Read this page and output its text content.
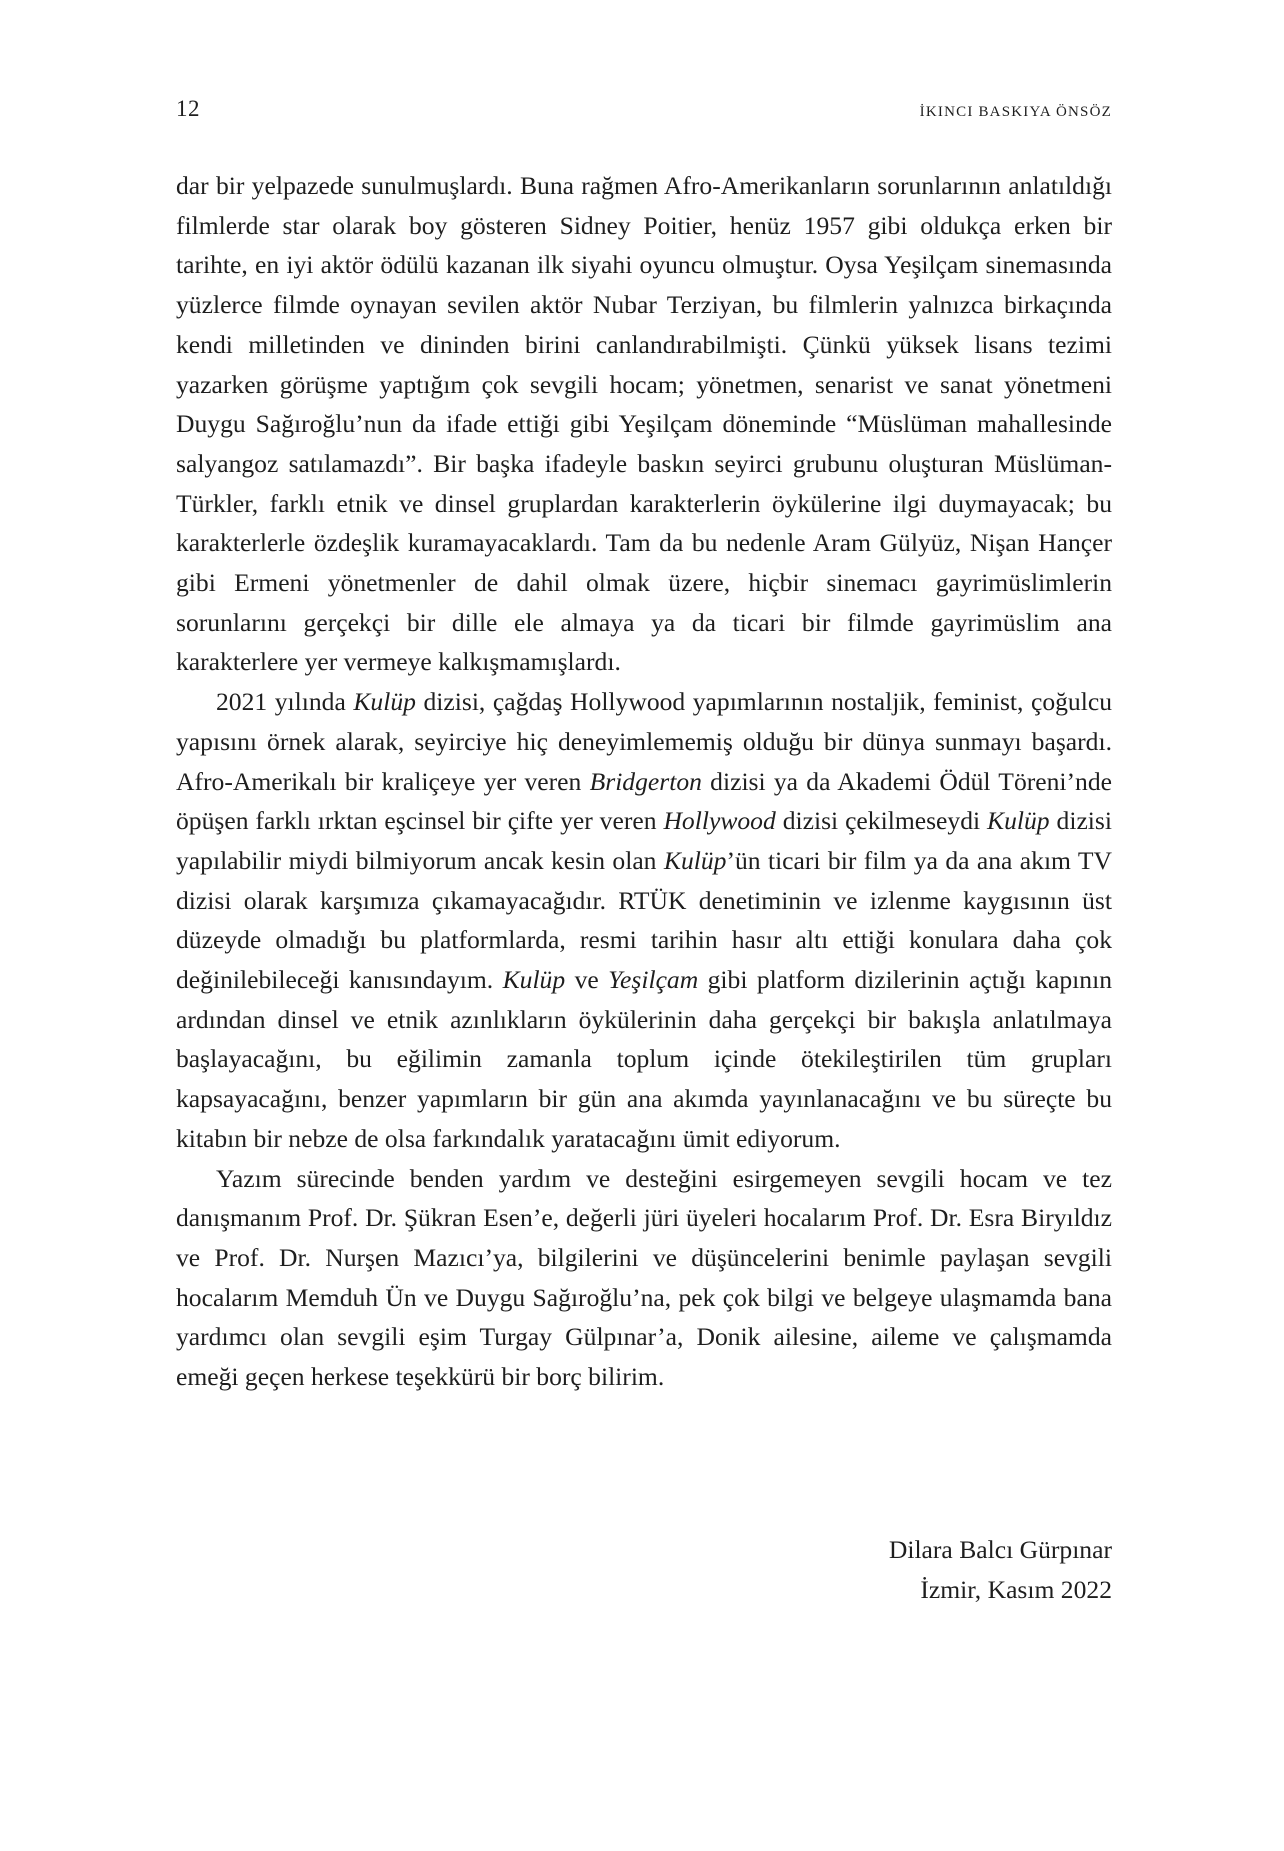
12	İKINCI BASKIYA ÖNSÖZ

dar bir yelpazede sunulmuşlardı. Buna rağmen Afro-Amerikanların sorunlarının anlatıldığı filmlerde star olarak boy gösteren Sidney Poitier, henüz 1957 gibi oldukça erken bir tarihte, en iyi aktör ödülü kazanan ilk siyahi oyuncu olmuştur. Oysa Yeşilçam sinemasında yüzlerce filmde oynayan sevilen aktör Nubar Terziyan, bu filmlerin yalnızca birkaçında kendi milletinden ve dininden birini canlandırabilmişti. Çünkü yüksek lisans tezimi yazarken görüşme yaptığım çok sevgili hocam; yönetmen, senarist ve sanat yönetmeni Duygu Sağıroğlu’nun da ifade ettiği gibi Yeşilçam döneminde “Müslüman mahallesinde salyangoz satılamazdı”. Bir başka ifadeyle baskın seyirci grubunu oluşturan Müslüman-Türkler, farklı etnik ve dinsel gruplardan karakterlerin öykülerine ilgi duymayacak; bu karakterlerle özdeşlik kuramayacaklardı. Tam da bu nedenle Aram Gülyüz, Nişan Hançer gibi Ermeni yönetmenler de dahil olmak üzere, hiçbir sinemacı gayrimüslimlerin sorunlarını gerçekçi bir dille ele almaya ya da ticari bir filmde gayrimüslim ana karakterlere yer vermeye kalkışmamışlardı.

2021 yılında Kulüp dizisi, çağdaş Hollywood yapımlarının nostaljik, feminist, çoğulcu yapısını örnek alarak, seyirciye hiç deneyimlememiş olduğu bir dünya sunmayı başardı. Afro-Amerikalı bir kraliçeye yer veren Bridgerton dizisi ya da Akademi Ödül Töreni’nde öpüşen farklı ırktan eşcinsel bir çifte yer veren Hollywood dizisi çekilmeseydi Kulüp dizisi yapılabilir miydi bilmiyorum ancak kesin olan Kulüp’ün ticari bir film ya da ana akım TV dizisi olarak karşımıza çıkamayacağıdır. RTÜK denetiminin ve izlenme kaygısının üst düzeyde olmadığı bu platformlarda, resmi tarihin hasır altı ettiği konulara daha çok değinilebileceği kanısındayım. Kulüp ve Yeşilçam gibi platform dizilerinin açtığı kapının ardından dinsel ve etnik azınlıkların öykülerinin daha gerçekçi bir bakışla anlatılmaya başlayacağını, bu eğilimin zamanla toplum içinde ötekileştirilen tüm grupları kapsayacağını, benzer yapımların bir gün ana akımda yayınlanacağını ve bu süreçte bu kitabın bir nebze de olsa farkındalık yaratacağını ümit ediyorum.

Yazım sürecinde benden yardım ve desteğini esirgemeyen sevgili hocam ve tez danışmanım Prof. Dr. Şükran Esen’e, değerli jüri üyeleri hocalarım Prof. Dr. Esra Biryıldız ve Prof. Dr. Nurşen Mazıcı’ya, bilgilerini ve düşüncelerini benimle paylaşan sevgili hocalarım Memduh Ün ve Duygu Sağıroğlu’na, pek çok bilgi ve belgeye ulaşmamda bana yardımcı olan sevgili eşim Turgay Gülpınar’a, Donik ailesine, aileme ve çalışmamda emeği geçen herkese teşekkürü bir borç bilirim.

Dilara Balcı Gürpınar
İzmir, Kasım 2022
